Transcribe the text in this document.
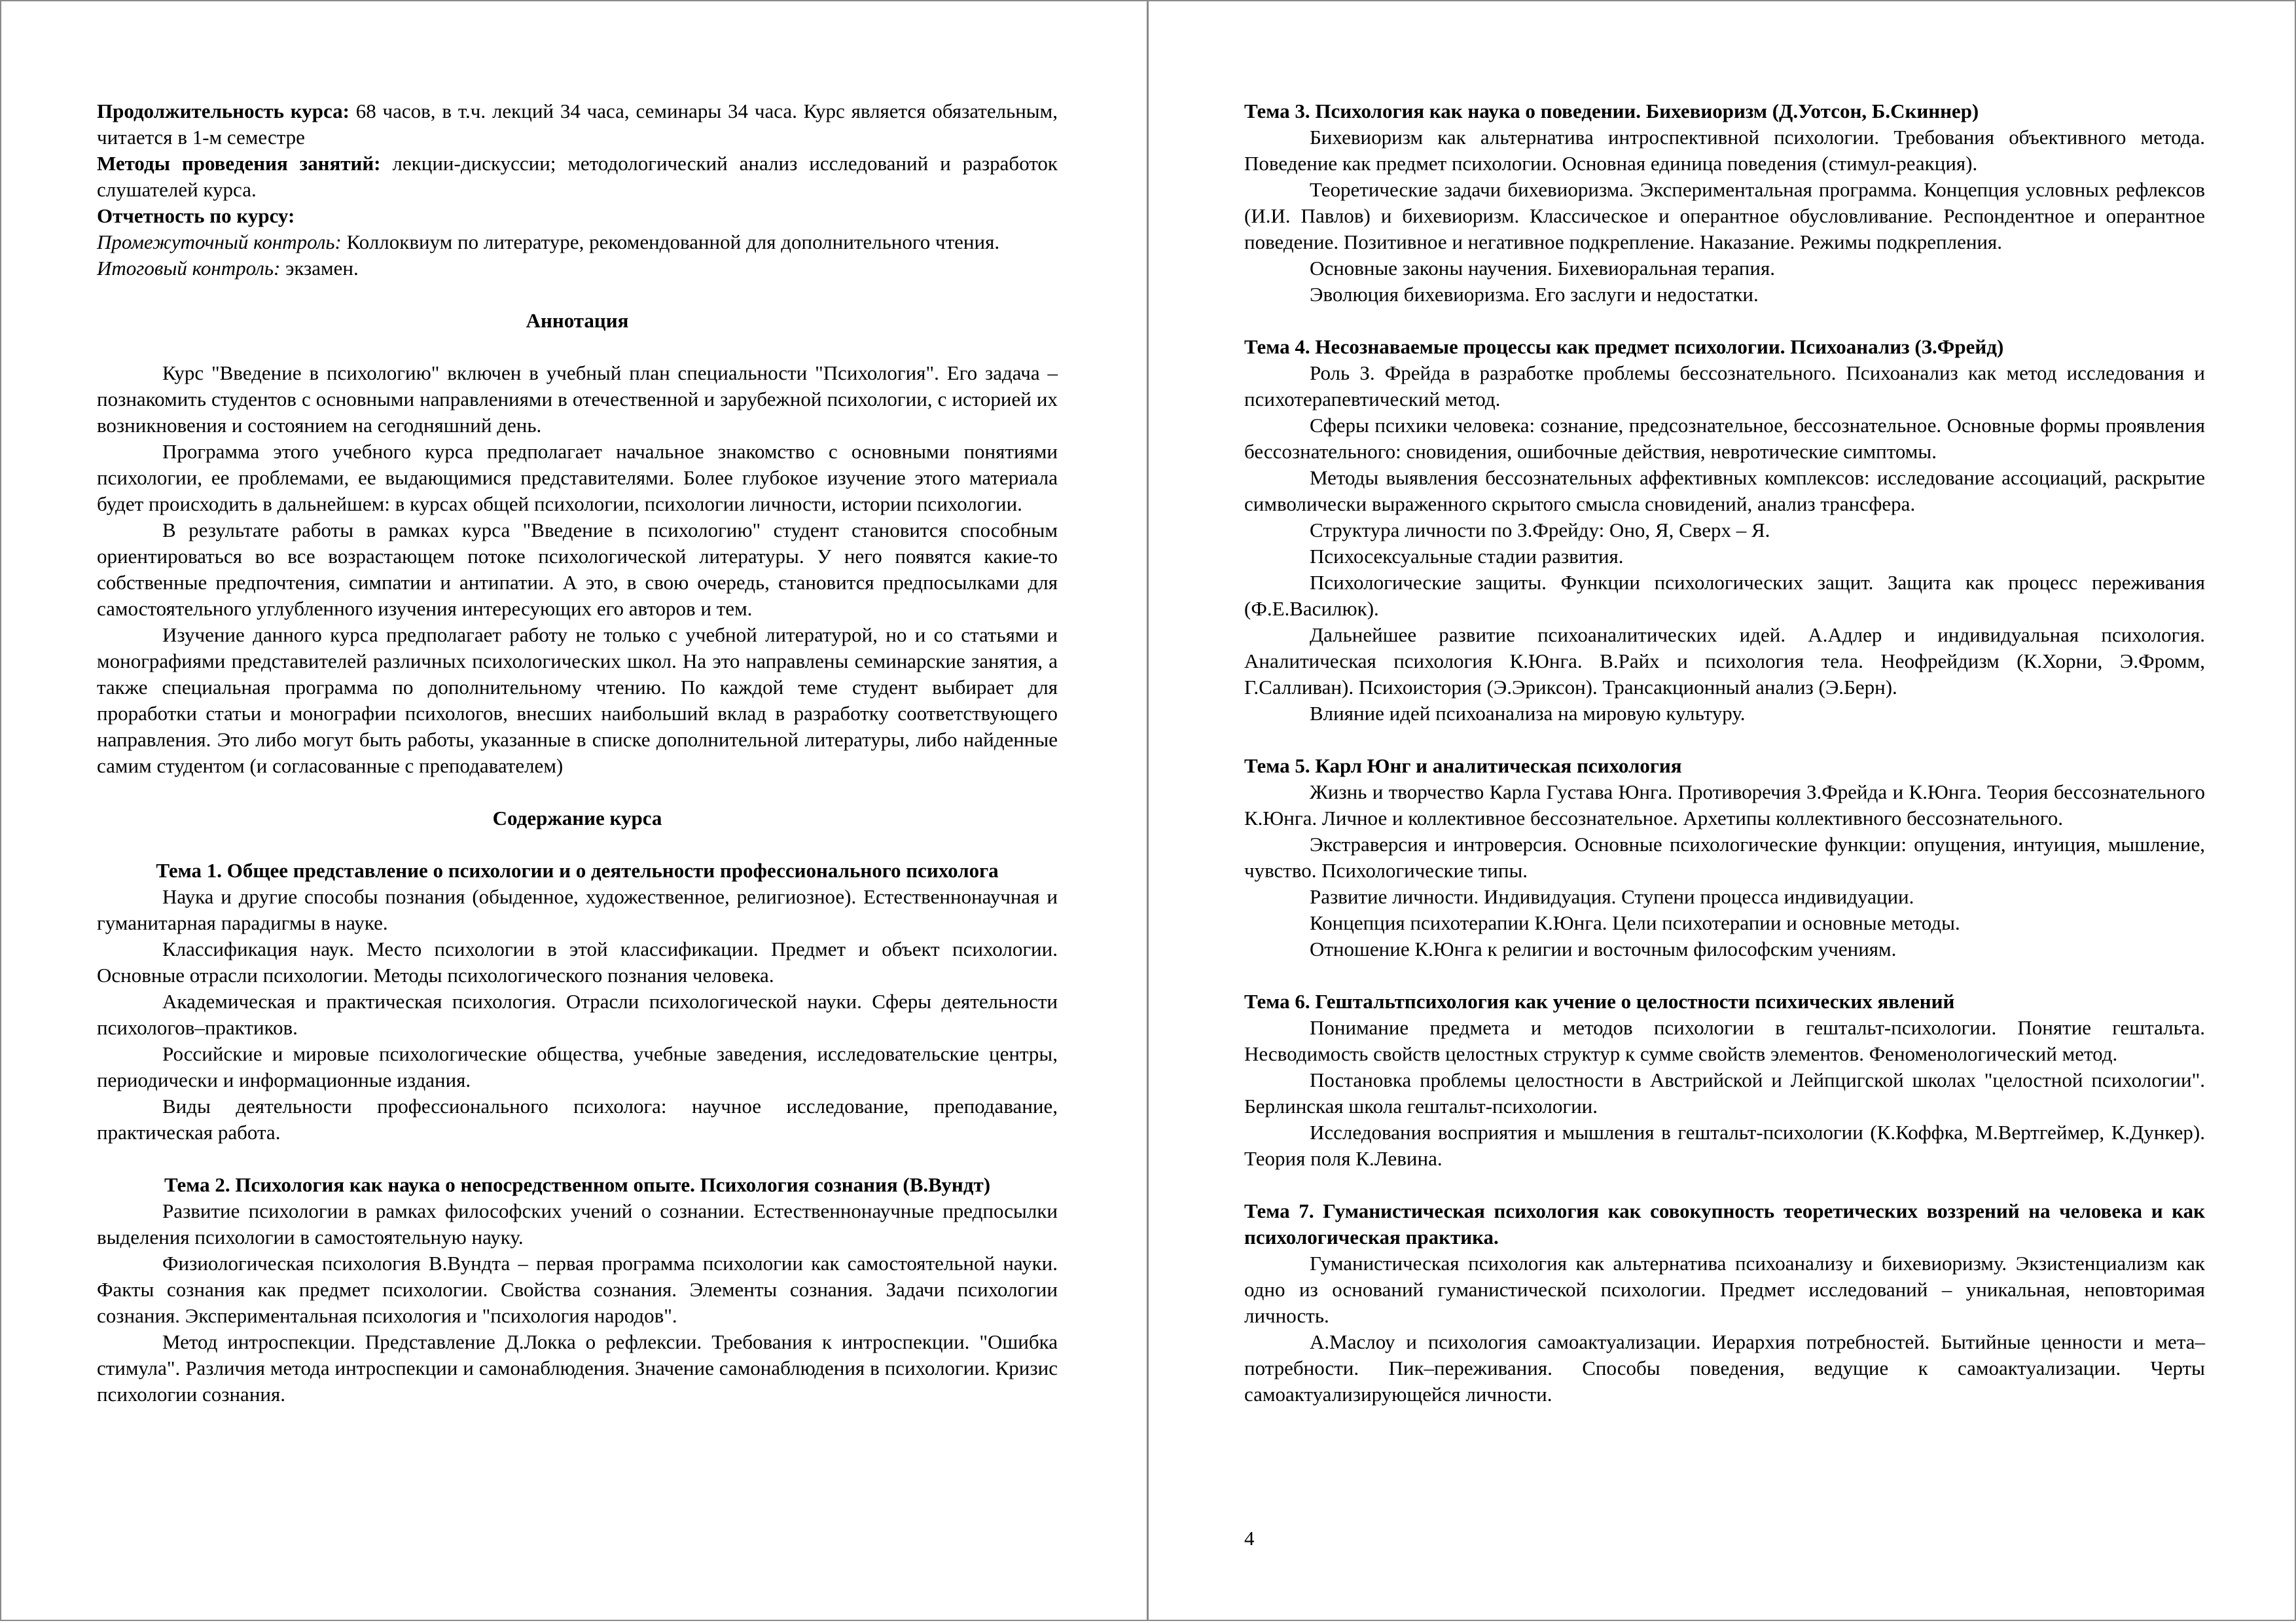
Продолжительность курса: 68 часов, в т.ч. лекций 34 часа, семинары 34 часа. Курс является обязательным, читается в 1-м семестре

Методы проведения занятий: лекции-дискуссии; методологический анализ исследований и разработок слушателей курса.

Отчетность по курсу:

Промежуточный контроль: Коллоквиум по литературе, рекомендованной для дополнительного чтения.

Итоговый контроль: экзамен.

Аннотация

Курс "Введение в психологию" включен в учебный план специальности "Психология". Его задача – познакомить студентов с основными направлениями в отечественной и зарубежной психологии, с историей их возникновения и состоянием на сегодняшний день.

Программа этого учебного курса предполагает начальное знакомство с основными понятиями психологии, ее проблемами, ее выдающимися представителями. Более глубокое изучение этого материала будет происходить в дальнейшем: в курсах общей психологии, психологии личности, истории психологии.

В результате работы в рамках курса "Введение в психологию" студент становится способным ориентироваться во все возрастающем потоке психологической литературы. У него появятся какие-то собственные предпочтения, симпатии и антипатии. А это, в свою очередь, становится предпосылками для самостоятельного углубленного изучения интересующих его авторов и тем.

Изучение данного курса предполагает работу не только с учебной литературой, но и со статьями и монографиями представителей различных психологических школ. На это направлены семинарские занятия, а также специальная программа по дополнительному чтению. По каждой теме студент выбирает для проработки статьи и монографии психологов, внесших наибольший вклад в разработку соответствующего направления. Это либо могут быть работы, указанные в списке дополнительной литературы, либо найденные самим студентом (и согласованные с преподавателем)

Содержание курса

Тема 1. Общее представление о психологии и о деятельности профессионального психолога

Наука и другие способы познания (обыденное, художественное, религиозное). Естественнонаучная и гуманитарная парадигмы в науке.

Классификация наук. Место психологии в этой классификации. Предмет и объект психологии. Основные отрасли психологии. Методы психологического познания человека.

Академическая и практическая психология. Отрасли психологической науки. Сферы деятельности психологов–практиков.

Российские и мировые психологические общества, учебные заведения, исследовательские центры, периодически и информационные издания.

Виды деятельности профессионального психолога: научное исследование, преподавание, практическая работа.

Тема 2. Психология как наука о непосредственном опыте. Психология сознания (В.Вундт)

Развитие психологии в рамках философских учений о сознании. Естественнонаучные предпосылки выделения психологии в самостоятельную науку.

Физиологическая психология В.Вундта – первая программа психологии как самостоятельной науки. Факты сознания как предмет психологии. Свойства сознания. Элементы сознания. Задачи психологии сознания. Экспериментальная психология и "психология народов".

Метод интроспекции. Представление Д.Локка о рефлексии. Требования к интроспекции. "Ошибка стимула". Различия метода интроспекции и самонаблюдения. Значение самонаблюдения в психологии. Кризис психологии сознания.

Тема 3. Психология как наука о поведении. Бихевиоризм (Д.Уотсон, Б.Скиннер)

Бихевиоризм как альтернатива интроспективной психологии. Требования объективного метода. Поведение как предмет психологии. Основная единица поведения (стимул-реакция).

Теоретические задачи бихевиоризма. Экспериментальная программа. Концепция условных рефлексов (И.И. Павлов) и бихевиоризм. Классическое и оперантное обусловливание. Респондентное и оперантное поведение. Позитивное и негативное подкрепление. Наказание. Режимы подкрепления.

Основные законы научения. Бихевиоральная терапия.

Эволюция бихевиоризма. Его заслуги и недостатки.

Тема 4. Несознаваемые процессы как предмет психологии. Психоанализ (З.Фрейд)

Роль З. Фрейда в разработке проблемы бессознательного. Психоанализ как метод исследования и психотерапевтический метод.

Сферы психики человека: сознание, предсознательное, бессознательное. Основные формы проявления бессознательного: сновидения, ошибочные действия, невротические симптомы.

Методы выявления бессознательных аффективных комплексов: исследование ассоциаций, раскрытие символически выраженного скрытого смысла сновидений, анализ трансфера.

Структура личности по З.Фрейду: Оно, Я, Сверх – Я.

Психосексуальные стадии развития.

Психологические защиты. Функции психологических защит. Защита как процесс переживания (Ф.Е.Василюк).

Дальнейшее развитие психоаналитических идей. А.Адлер и индивидуальная психология. Аналитическая психология К.Юнга. В.Райх и психология тела. Неофрейдизм (К.Хорни, Э.Фромм, Г.Салливан). Психоистория (Э.Эриксон). Трансакционный анализ (Э.Берн).

Влияние идей психоанализа на мировую культуру.

Тема 5. Карл Юнг и аналитическая психология

Жизнь и творчество Карла Густава Юнга. Противоречия З.Фрейда и К.Юнга. Теория бессознательного К.Юнга. Личное и коллективное бессознательное. Архетипы коллективного бессознательного.

Экстраверсия и интроверсия. Основные психологические функции: опущения, интуиция, мышление, чувство. Психологические типы.

Развитие личности. Индивидуация. Ступени процесса индивидуации.

Концепция психотерапии К.Юнга. Цели психотерапии и основные методы.

Отношение К.Юнга к религии и восточным философским учениям.

Тема 6. Гештальтпсихология как учение о целостности психических явлений

Понимание предмета и методов психологии в гештальт-психологии. Понятие гештальта. Несводимость свойств целостных структур к сумме свойств элементов. Феноменологический метод.

Постановка проблемы целостности в Австрийской и Лейпцигской школах "целостной психологии". Берлинская школа гештальт-психологии.

Исследования восприятия и мышления в гештальт-психологии (К.Коффка, М.Вертгеймер, К.Дункер). Теория поля К.Левина.

Тема 7. Гуманистическая психология как совокупность теоретических воззрений на человека и как психологическая практика.

Гуманистическая психология как альтернатива психоанализу и бихевиоризму. Экзистенциализм как одно из оснований гуманистической психологии. Предмет исследований – уникальная, неповторимая личность.

А.Маслоу и психология самоактуализации. Иерархия потребностей. Бытийные ценности и мета–потребности. Пик–переживания. Способы поведения, ведущие к самоактуализации. Черты самоактуализирующейся личности.

4
